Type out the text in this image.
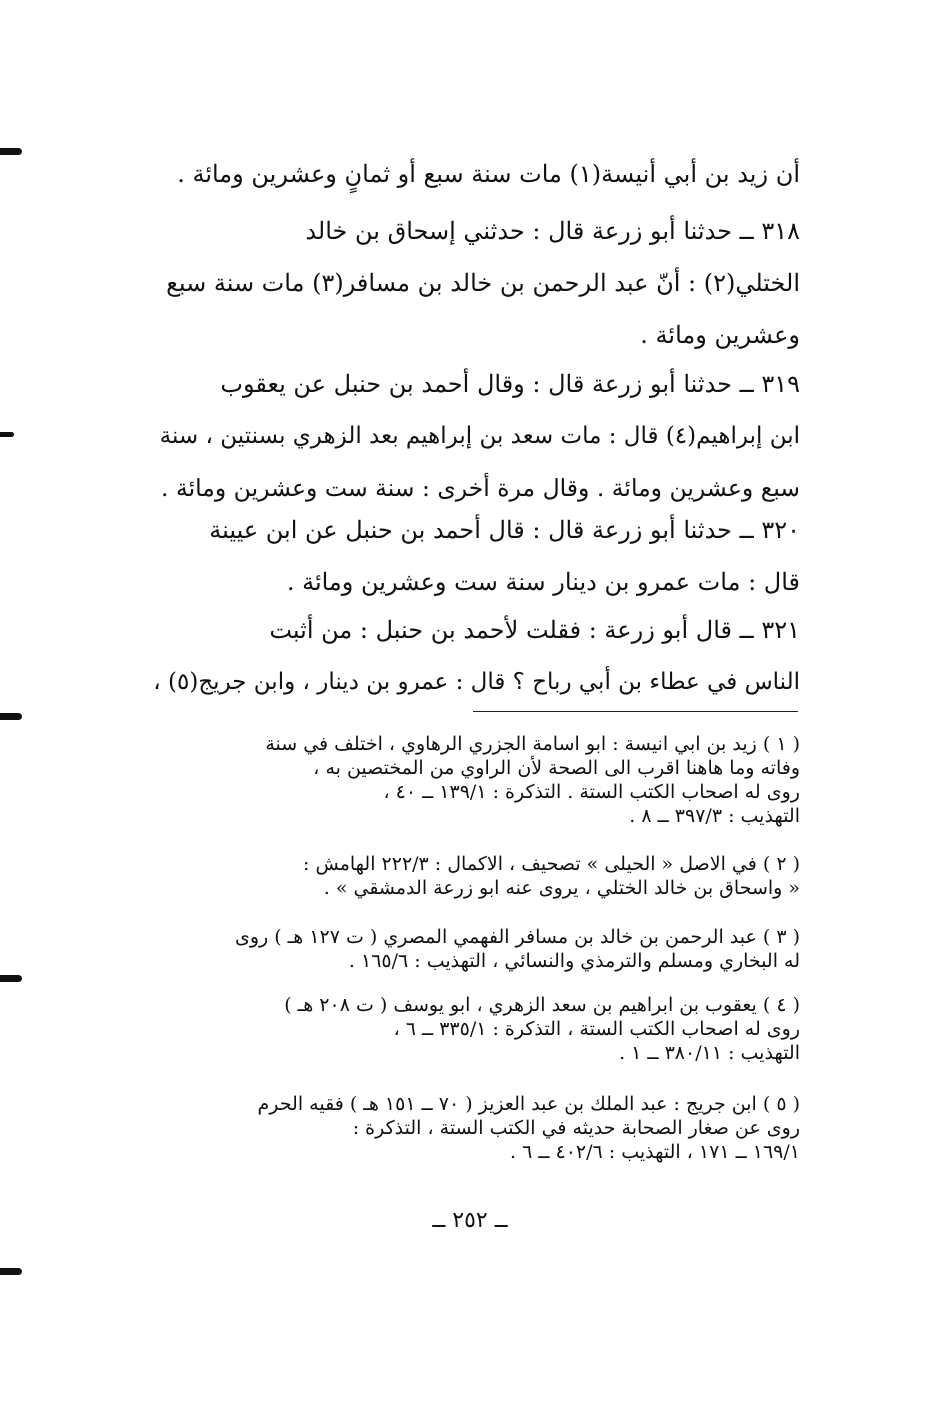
أن زيد بن أبي أنيسة(١) مات سنة سبع أو ثمانٍ وعشرين ومائة .

٣١٨ ــ حدثنا أبو زرعة قال : حدثني إسحاق بن خالد

الختلي(٢) : أنّ عبد الرحمن بن خالد بن مسافر(٣) مات سنة سبع

وعشرين ومائة .

٣١٩ ــ حدثنا أبو زرعة قال : وقال أحمد بن حنبل عن يعقوب

ابن إبراهيم(٤) قال : مات سعد بن إبراهيم بعد الزهري بسنتين ، سنة

سبع وعشرين ومائة . وقال مرة أخرى : سنة ست وعشرين ومائة .

٣٢٠ ــ حدثنا أبو زرعة قال : قال أحمد بن حنبل عن ابن عيينة

قال : مات عمرو بن دينار سنة ست وعشرين ومائة .

٣٢١ ــ قال أبو زرعة : فقلت لأحمد بن حنبل : من أثبت

الناس في عطاء بن أبي رباح ؟ قال : عمرو بن دينار ، وابن جريج(٥) ،

( ١ ) زيد بن ابي انيسة : ابو اسامة الجزري الرهاوي ، اختلف في سنة

وفاته وما هاهنا اقرب الى الصحة لأن الراوي من المختصين به ،

روى له اصحاب الكتب الستة . التذكرة : ١٣٩/١ ــ ٤٠ ،

التهذيب : ٣٩٧/٣ ــ ٨ .

( ٢ ) في الاصل « الحيلى » تصحيف ، الاكمال : ٢٢٢/٣ الهامش :

« واسحاق بن خالد الختلي ، يروى عنه ابو زرعة الدمشقي » .

( ٣ ) عبد الرحمن بن خالد بن مسافر الفهمي المصري ( ت ١٢٧ هـ ) روى

له البخاري ومسلم والترمذي والنسائي ، التهذيب : ١٦٥/٦ .

( ٤ ) يعقوب بن ابراهيم بن سعد الزهري ، ابو يوسف ( ت ٢٠٨ هـ )

روى له اصحاب الكتب الستة ، التذكرة : ٣٣٥/١ ــ ٦ ،

التهذيب : ٣٨٠/١١ ــ ١ .

( ٥ ) ابن جريج : عبد الملك بن عبد العزيز ( ٧٠ ــ ١٥١ هـ ) فقيه الحرم

روى عن صغار الصحابة حديثه في الكتب الستة ، التذكرة :

١٦٩/١ ــ ١٧١ ، التهذيب : ٤٠٢/٦ ــ ٦ .

ــ ٢٥٢ ــ
